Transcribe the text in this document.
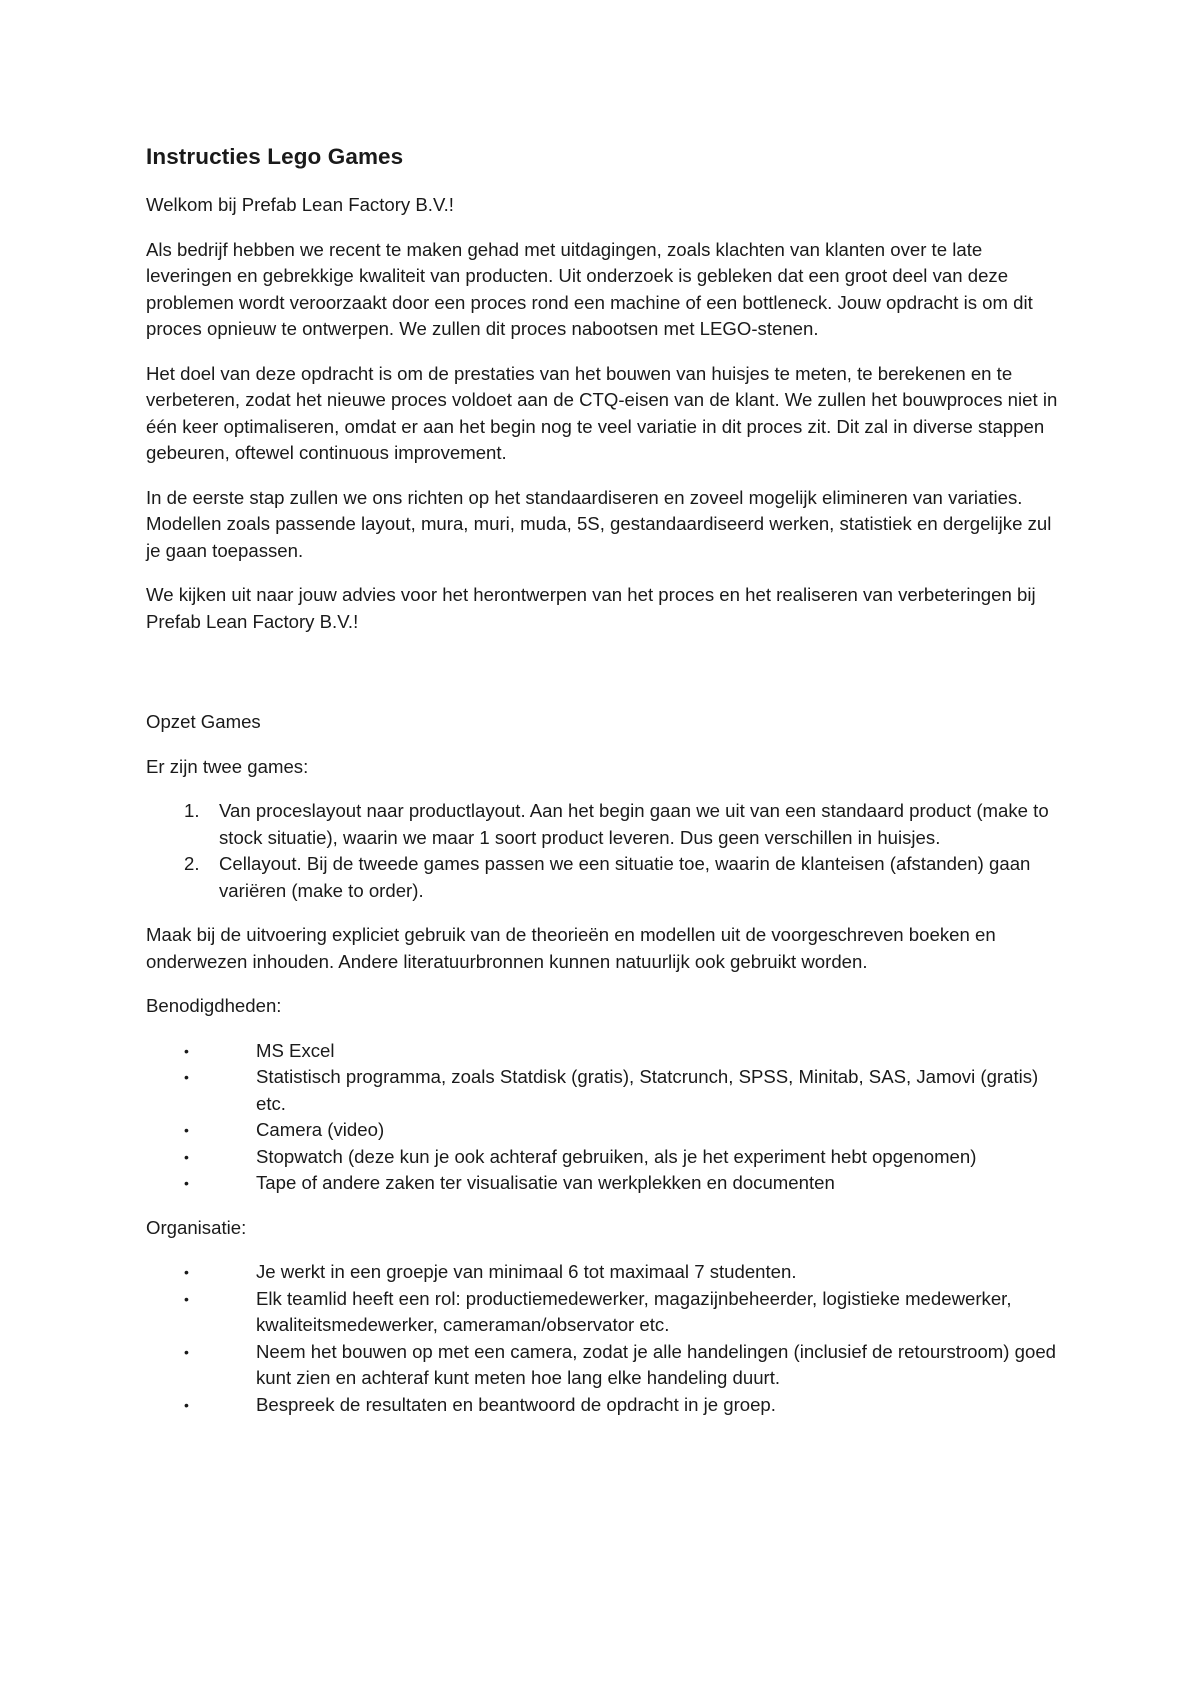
Instructies Lego Games

Welkom bij Prefab Lean Factory B.V.!

Als bedrijf hebben we recent te maken gehad met uitdagingen, zoals klachten van klanten over te late leveringen en gebrekkige kwaliteit van producten. Uit onderzoek is gebleken dat een groot deel van deze problemen wordt veroorzaakt door een proces rond een machine of een bottleneck. Jouw opdracht is om dit proces opnieuw te ontwerpen. We zullen dit proces nabootsen met LEGO-stenen.

Het doel van deze opdracht is om de prestaties van het bouwen van huisjes te meten, te berekenen en te verbeteren, zodat het nieuwe proces voldoet aan de CTQ-eisen van de klant. We zullen het bouwproces niet in één keer optimaliseren, omdat er aan het begin nog te veel variatie in dit proces zit. Dit zal in diverse stappen gebeuren, oftewel continuous improvement.

In de eerste stap zullen we ons richten op het standaardiseren en zoveel mogelijk elimineren van variaties. Modellen zoals passende layout, mura, muri, muda, 5S, gestandaardiseerd werken, statistiek en dergelijke zul je gaan toepassen.

We kijken uit naar jouw advies voor het herontwerpen van het proces en het realiseren van verbeteringen bij Prefab Lean Factory B.V.!

Opzet Games

Er zijn twee games:

1. Van proceslayout naar productlayout. Aan het begin gaan we uit van een standaard product (make to stock situatie), waarin we maar 1 soort product leveren. Dus geen verschillen in huisjes.
2. Cellayout. Bij de tweede games passen we een situatie toe, waarin de klanteisen (afstanden) gaan variëren (make to order).

Maak bij de uitvoering expliciet gebruik van de theorieën en modellen uit de voorgeschreven boeken en onderwezen inhouden. Andere literatuurbronnen kunnen natuurlijk ook gebruikt worden.

Benodigdheden:

•	MS Excel
•	Statistisch programma, zoals Statdisk (gratis), Statcrunch, SPSS, Minitab, SAS, Jamovi (gratis) etc.
•	Camera (video)
•	Stopwatch (deze kun je ook achteraf gebruiken, als je het experiment hebt opgenomen)
•	Tape of andere zaken ter visualisatie van werkplekken en documenten

Organisatie:

•	Je werkt in een groepje van minimaal 6 tot maximaal 7 studenten.
•	Elk teamlid heeft een rol: productiemedewerker, magazijnbeheerder, logistieke medewerker, kwaliteitsmedewerker, cameraman/observator etc.
•	Neem het bouwen op met een camera, zodat je alle handelingen (inclusief de retourstroom) goed kunt zien en achteraf kunt meten hoe lang elke handeling duurt.
•	Bespreek de resultaten en beantwoord de opdracht in je groep.
